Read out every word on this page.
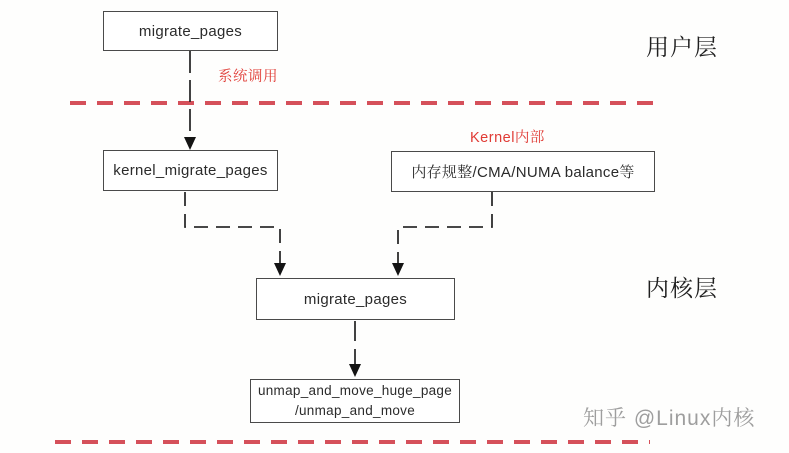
migrate_pages
系统调用
用户层
Kernel内部
kernel_migrate_pages	内存规整/CMA/NUMA balance等
migrate_pages	内核层
unmap_and_move_huge_page
/unmap_and_move	知乎 @Linux内核
